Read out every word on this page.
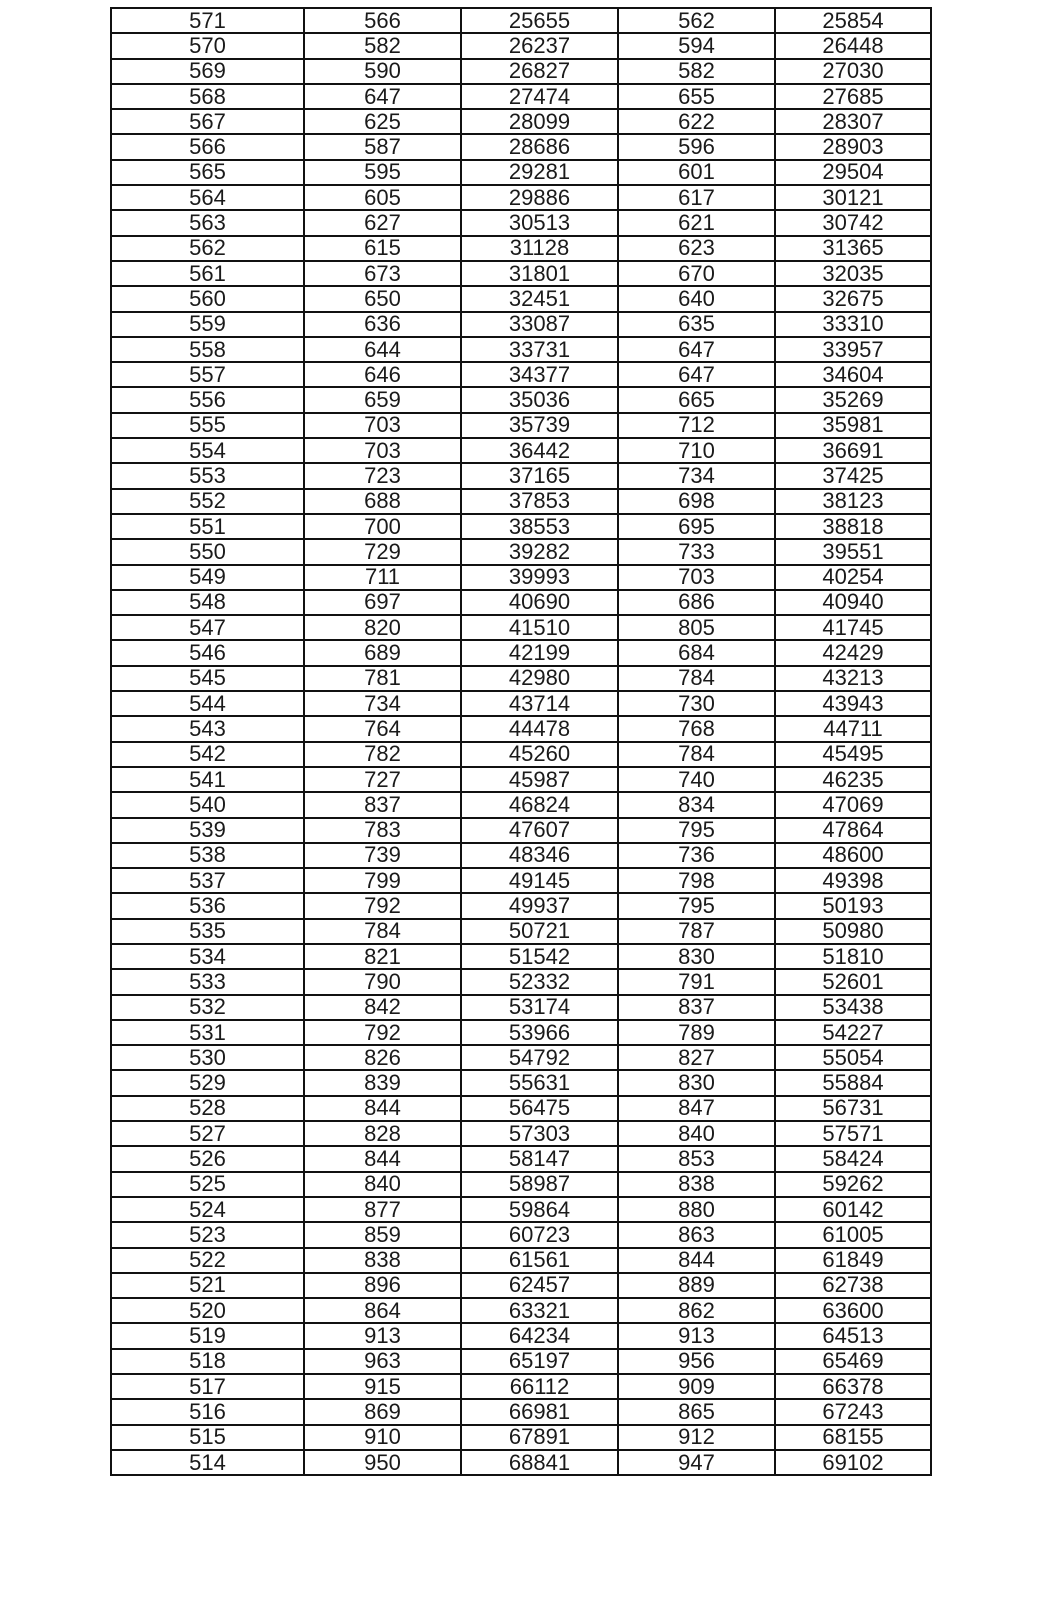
571	566	25655	562	25854
570	582	26237	594	26448
569	590	26827	582	27030
568	647	27474	655	27685
567	625	28099	622	28307
566	587	28686	596	28903
565	595	29281	601	29504
564	605	29886	617	30121
563	627	30513	621	30742
562	615	31128	623	31365
561	673	31801	670	32035
560	650	32451	640	32675
559	636	33087	635	33310
558	644	33731	647	33957
557	646	34377	647	34604
556	659	35036	665	35269
555	703	35739	712	35981
554	703	36442	710	36691
553	723	37165	734	37425
552	688	37853	698	38123
551	700	38553	695	38818
550	729	39282	733	39551
549	711	39993	703	40254
548	697	40690	686	40940
547	820	41510	805	41745
546	689	42199	684	42429
545	781	42980	784	43213
544	734	43714	730	43943
543	764	44478	768	44711
542	782	45260	784	45495
541	727	45987	740	46235
540	837	46824	834	47069
539	783	47607	795	47864
538	739	48346	736	48600
537	799	49145	798	49398
536	792	49937	795	50193
535	784	50721	787	50980
534	821	51542	830	51810
533	790	52332	791	52601
532	842	53174	837	53438
531	792	53966	789	54227
530	826	54792	827	55054
529	839	55631	830	55884
528	844	56475	847	56731
527	828	57303	840	57571
526	844	58147	853	58424
525	840	58987	838	59262
524	877	59864	880	60142
523	859	60723	863	61005
522	838	61561	844	61849
521	896	62457	889	62738
520	864	63321	862	63600
519	913	64234	913	64513
518	963	65197	956	65469
517	915	66112	909	66378
516	869	66981	865	67243
515	910	67891	912	68155
514	950	68841	947	69102
